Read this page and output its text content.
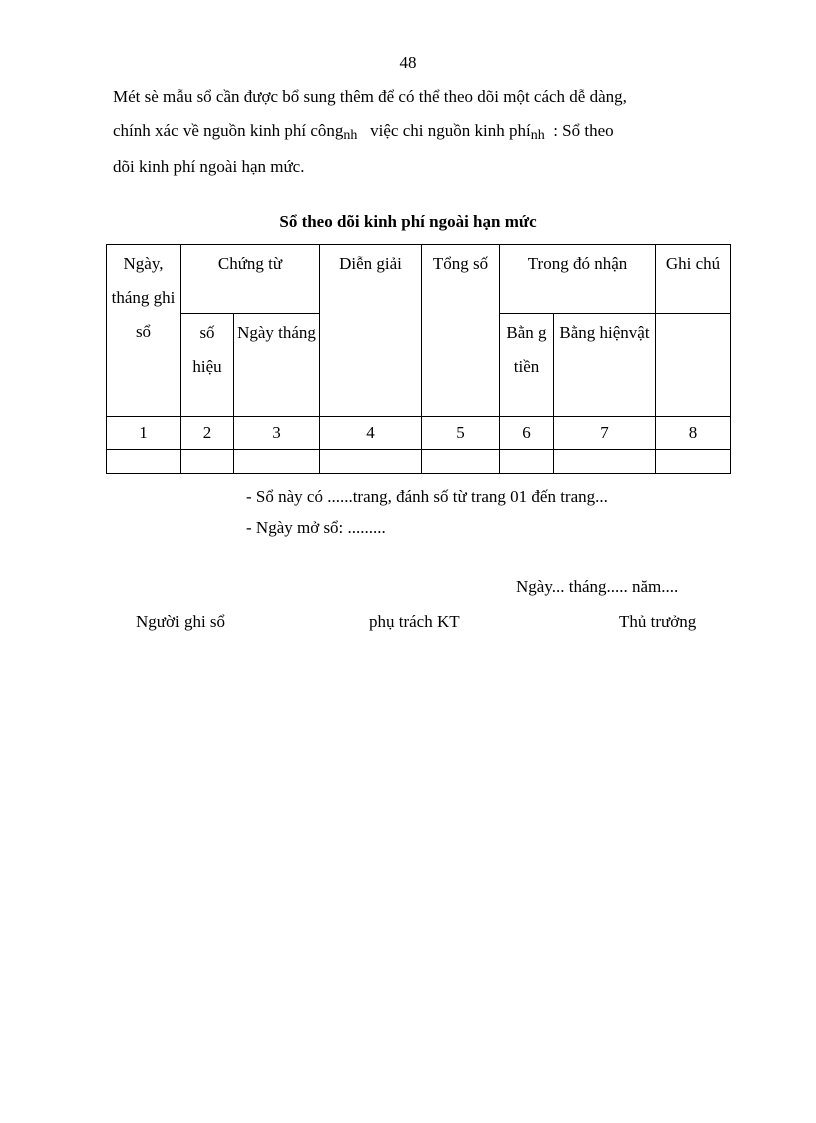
48
Mét sè mẫu sổ cần được bổ sung thêm để có thể theo dõi một cách dễ dàng,
chính xác về nguồn kinh phí côngnh việc chi nguồn kinh phính : Sổ theo
dõi kinh phí ngoài hạn mức.
Sổ theo dõi kinh phí ngoài hạn mức
Ngày, tháng ghi sổ	Chứng từ		Diễn giải	Tổng số	Trong đó nhận		Ghi chú
	số hiệu	Ngày tháng			Bằn g tiền	Bằng hiệnvật	
1	2	3	4	5	6	7	8

- Sổ này có ......trang, đánh số từ trang 01 đến trang...
- Ngày mở sổ: .........
Ngày... tháng..... năm....
Người ghi sổ	phụ trách KT	Thủ trưởng
